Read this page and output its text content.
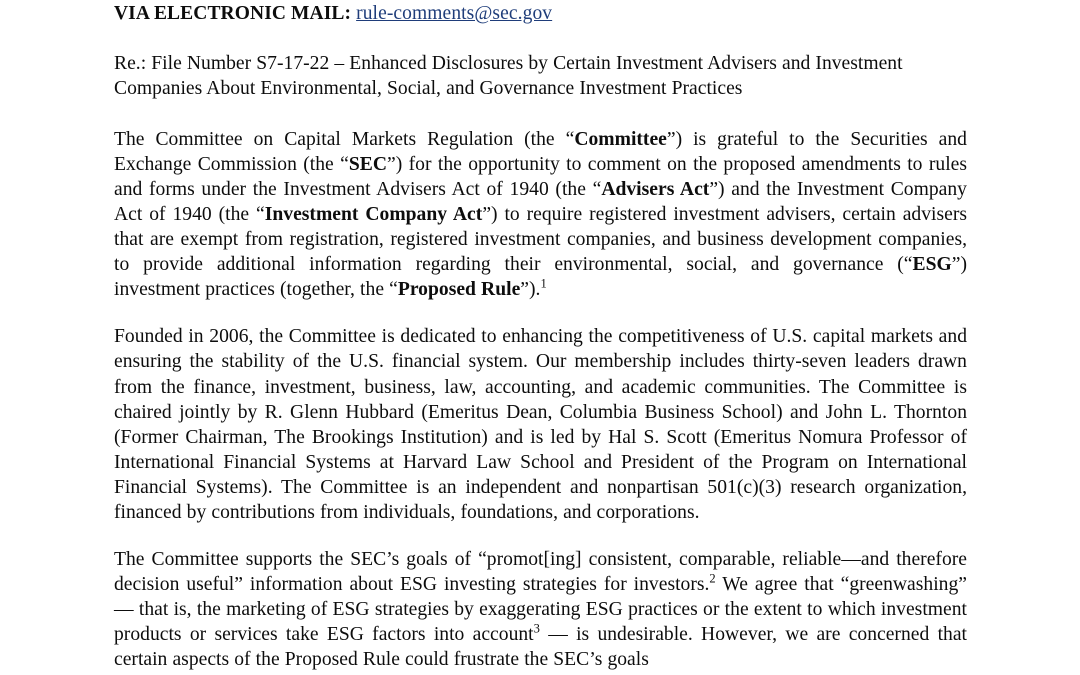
VIA ELECTRONIC MAIL: rule-comments@sec.gov

Re.: File Number S7-17-22 – Enhanced Disclosures by Certain Investment Advisers and Investment Companies About Environmental, Social, and Governance Investment Practices

The Committee on Capital Markets Regulation (the “Committee”) is grateful to the Securities and Exchange Commission (the “SEC”) for the opportunity to comment on the proposed amendments to rules and forms under the Investment Advisers Act of 1940 (the “Advisers Act”) and the Investment Company Act of 1940 (the “Investment Company Act”) to require registered investment advisers, certain advisers that are exempt from registration, registered investment companies, and business development companies, to provide additional information regarding their environmental, social, and governance (“ESG”) investment practices (together, the “Proposed Rule”).$^1$

Founded in 2006, the Committee is dedicated to enhancing the competitiveness of U.S. capital markets and ensuring the stability of the U.S. financial system. Our membership includes thirty-seven leaders drawn from the finance, investment, business, law, accounting, and academic communities. The Committee is chaired jointly by R. Glenn Hubbard (Emeritus Dean, Columbia Business School) and John L. Thornton (Former Chairman, The Brookings Institution) and is led by Hal S. Scott (Emeritus Nomura Professor of International Financial Systems at Harvard Law School and President of the Program on International Financial Systems). The Committee is an independent and nonpartisan 501(c)(3) research organization, financed by contributions from individuals, foundations, and corporations.

The Committee supports the SEC’s goals of “promot[ing] consistent, comparable, reliable—and therefore decision useful” information about ESG investing strategies for investors.$^2$ We agree that “greenwashing” — that is, the marketing of ESG strategies by exaggerating ESG practices or the extent to which investment products or services take ESG factors into account$^3$ — is undesirable. However, we are concerned that certain aspects of the Proposed Rule could frustrate the SEC’s goals
